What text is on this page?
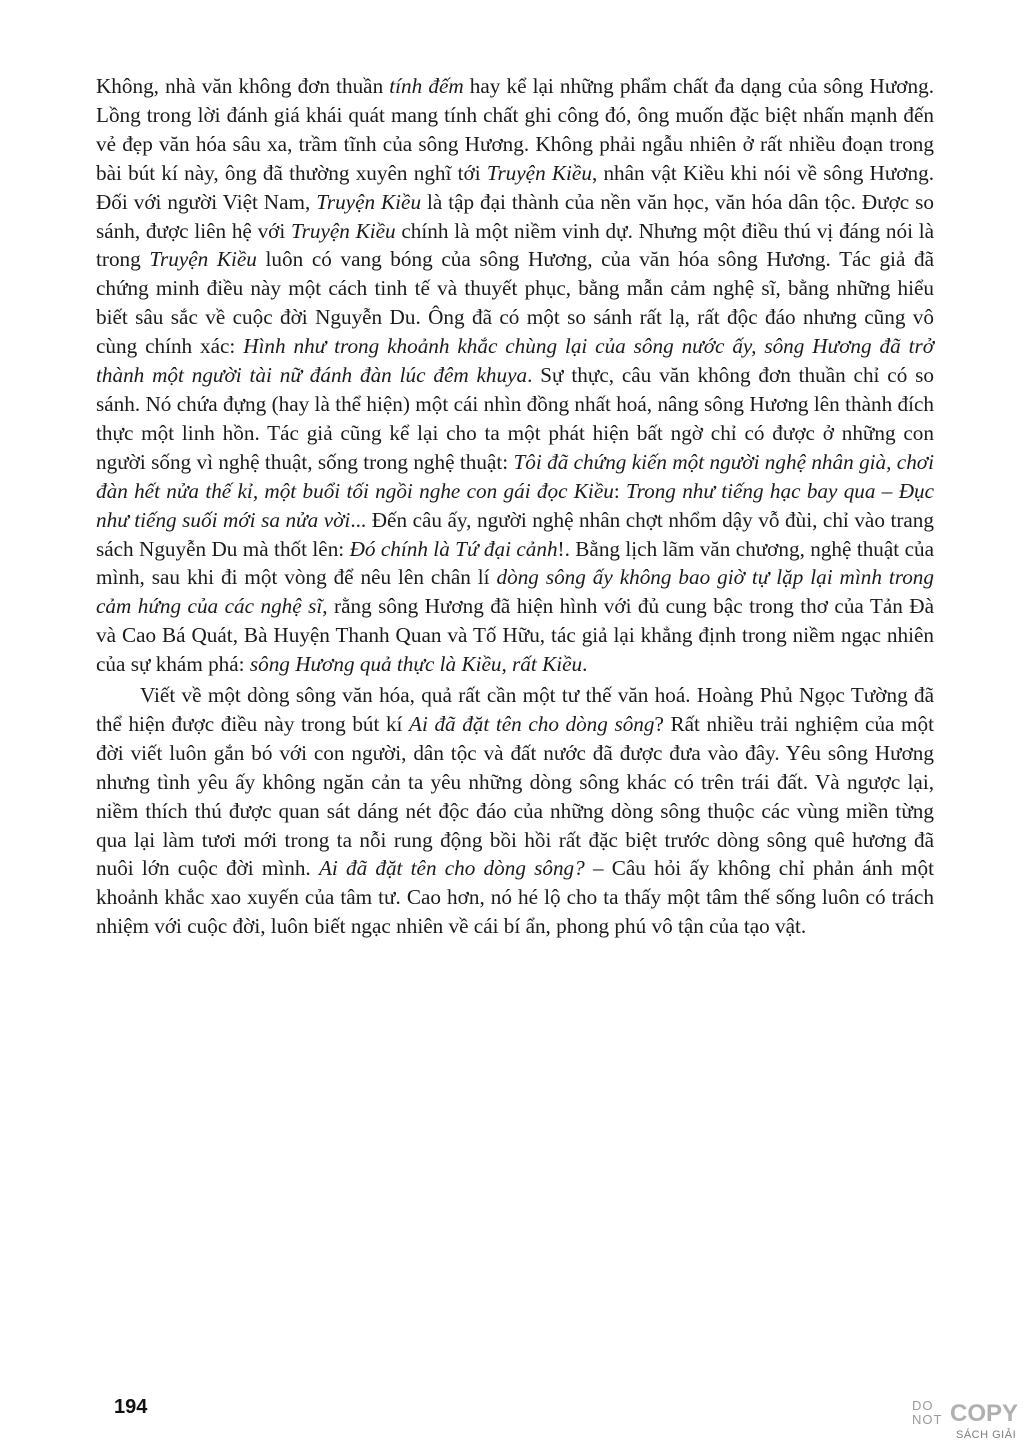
Không, nhà văn không đơn thuần tính đếm hay kể lại những phẩm chất đa dạng của sông Hương. Lồng trong lời đánh giá khái quát mang tính chất ghi công đó, ông muốn đặc biệt nhấn mạnh đến vẻ đẹp văn hóa sâu xa, trầm tĩnh của sông Hương. Không phải ngẫu nhiên ở rất nhiều đoạn trong bài bút kí này, ông đã thường xuyên nghĩ tới Truyện Kiều, nhân vật Kiều khi nói về sông Hương. Đối với người Việt Nam, Truyện Kiều là tập đại thành của nền văn học, văn hóa dân tộc. Được so sánh, được liên hệ với Truyện Kiều chính là một niềm vinh dự. Nhưng một điều thú vị đáng nói là trong Truyện Kiều luôn có vang bóng của sông Hương, của văn hóa sông Hương. Tác giả đã chứng minh điều này một cách tinh tế và thuyết phục, bằng mẫn cảm nghệ sĩ, bằng những hiểu biết sâu sắc về cuộc đời Nguyễn Du. Ông đã có một so sánh rất lạ, rất độc đáo nhưng cũng vô cùng chính xác: Hình như trong khoảnh khắc chùng lại của sông nước ấy, sông Hương đã trở thành một người tài nữ đánh đàn lúc đêm khuya. Sự thực, câu văn không đơn thuần chỉ có so sánh. Nó chứa đựng (hay là thể hiện) một cái nhìn đồng nhất hoá, nâng sông Hương lên thành đích thực một linh hồn. Tác giả cũng kể lại cho ta một phát hiện bất ngờ chỉ có được ở những con người sống vì nghệ thuật, sống trong nghệ thuật: Tôi đã chứng kiến một người nghệ nhân già, chơi đàn hết nửa thế kỉ, một buổi tối ngồi nghe con gái đọc Kiều: Trong như tiếng hạc bay qua – Đục như tiếng suối mới sa nửa vời... Đến câu ấy, người nghệ nhân chợt nhổm dậy vỗ đùi, chỉ vào trang sách Nguyễn Du mà thốt lên: Đó chính là Tứ đại cảnh!. Bằng lịch lãm văn chương, nghệ thuật của mình, sau khi đi một vòng để nêu lên chân lí dòng sông ấy không bao giờ tự lặp lại mình trong cảm hứng của các nghệ sĩ, rằng sông Hương đã hiện hình với đủ cung bậc trong thơ của Tản Đà và Cao Bá Quát, Bà Huyện Thanh Quan và Tố Hữu, tác giả lại khẳng định trong niềm ngạc nhiên của sự khám phá: sông Hương quả thực là Kiều, rất Kiều.

Viết về một dòng sông văn hóa, quả rất cần một tư thế văn hoá. Hoàng Phủ Ngọc Tường đã thể hiện được điều này trong bút kí Ai đã đặt tên cho dòng sông? Rất nhiều trải nghiệm của một đời viết luôn gắn bó với con người, dân tộc và đất nước đã được đưa vào đây. Yêu sông Hương nhưng tình yêu ấy không ngăn cản ta yêu những dòng sông khác có trên trái đất. Và ngược lại, niềm thích thú được quan sát dáng nét độc đáo của những dòng sông thuộc các vùng miền từng qua lại làm tươi mới trong ta nỗi rung động bồi hồi rất đặc biệt trước dòng sông quê hương đã nuôi lớn cuộc đời mình. Ai đã đặt tên cho dòng sông? – Câu hỏi ấy không chỉ phản ánh một khoảnh khắc xao xuyến của tâm tư. Cao hơn, nó hé lộ cho ta thấy một tâm thế sống luôn có trách nhiệm với cuộc đời, luôn biết ngạc nhiên về cái bí ẩn, phong phú vô tận của tạo vật.

194	DO
NOT COPY
SÁCH GIẢI
